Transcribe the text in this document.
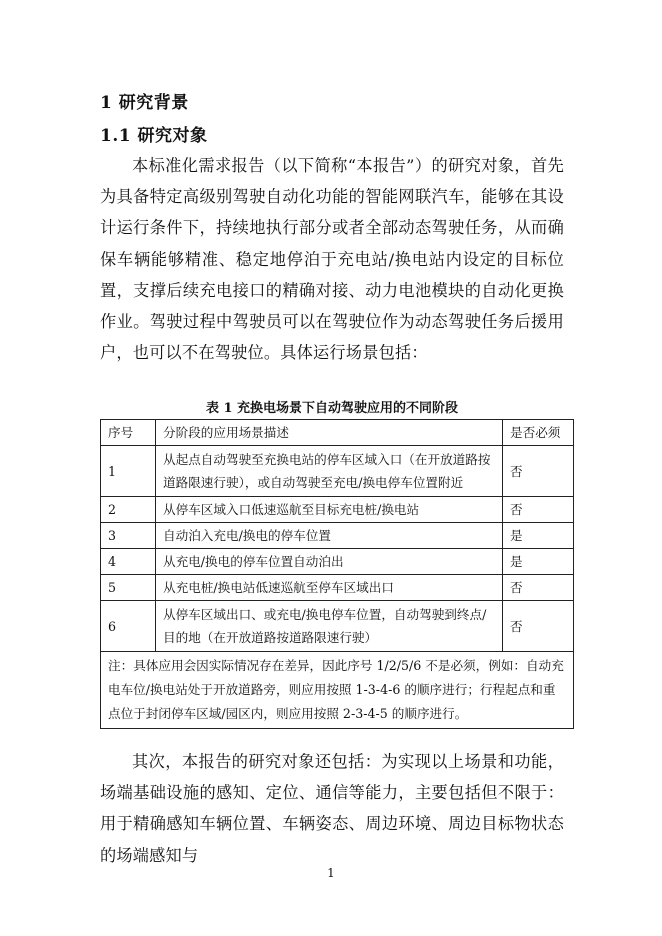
1 研究背景
1.1 研究对象

本标准化需求报告（以下简称“本报告”）的研究对象，首先为具备特定高级别驾驶自动化功能的智能网联汽车，能够在其设计运行条件下，持续地执行部分或者全部动态驾驶任务，从而确保车辆能够精准、稳定地停泊于充电站/换电站内设定的目标位置，支撑后续充电接口的精确对接、动力电池模块的自动化更换作业。驾驶过程中驾驶员可以在驾驶位作为动态驾驶任务后援用户，也可以不在驾驶位。具体运行场景包括：

表 1 充换电场景下自动驾驶应用的不同阶段
序号	分阶段的应用场景描述	是否必须
1	从起点自动驾驶至充换电站的停车区域入口（在开放道路按道路限速行驶），或自动驾驶至充电/换电停车位置附近	否
2	从停车区域入口低速巡航至目标充电桩/换电站	否
3	自动泊入充电/换电的停车位置	是
4	从充电/换电的停车位置自动泊出	是
5	从充电桩/换电站低速巡航至停车区域出口	否
6	从停车区域出口、或充电/换电停车位置，自动驾驶到终点/目的地（在开放道路按道路限速行驶）	否
注：具体应用会因实际情况存在差异，因此序号 1/2/5/6 不是必须，例如：自动充电车位/换电站处于开放道路旁，则应用按照 1-3-4-6 的顺序进行；行程起点和重点位于封闭停车区域/园区内，则应用按照 2-3-4-5 的顺序进行。		

其次，本报告的研究对象还包括：为实现以上场景和功能，场端基础设施的感知、定位、通信等能力，主要包括但不限于：用于精确感知车辆位置、车辆姿态、周边环境、周边目标物状态的场端感知与

1
